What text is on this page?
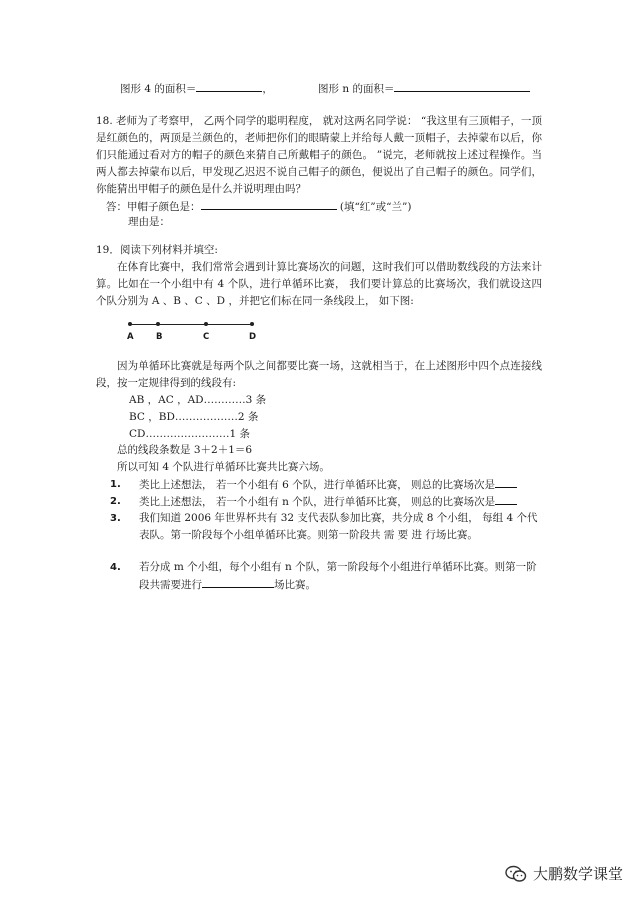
图形 4 的面积＝	，	图形 n 的面积＝
18. 老师为了考察甲， 乙两个同学的聪明程度， 就对这两名同学说： “我这里有三顶帽子，一顶是红颜色的，两顶是兰颜色的，老师把你们的眼睛蒙上并给每人戴一顶帽子，去掉蒙布以后，你们只能通过看对方的帽子的颜色来猜自己所戴帽子的颜色。 ”说完，老师就按上述过程操作。当两人都去掉蒙布以后，甲发现乙迟迟不说自己帽子的颜色，便说出了自己帽子的颜色。同学们，你能猜出甲帽子的颜色是什么并说明理由吗？
答：甲帽子颜色是：	(填“红”或“兰”)
理由是：
19．阅读下列材料并填空:
在体育比赛中，我们常常会遇到计算比赛场次的问题，这时我们可以借助数线段的方法来计算。比如在一个小组中有 4 个队，进行单循环比赛， 我们要计算总的比赛场次，我们就设这四个队分别为 A 、B 、C 、D ，并把它们标在同一条线段上， 如下图:
A	B	C	D
因为单循环比赛就是每两个队之间都要比赛一场，这就相当于，在上述图形中四个点连接线段，按一定规律得到的线段有:
AB ，AC ，AD…………3 条
BC ，BD………………2 条
CD……………………1 条
总的线段条数是 3＋2＋1＝6
所以可知 4 个队进行单循环比赛共比赛六场。
1. 类比上述想法， 若一个小组有 6 个队，进行单循环比赛， 则总的比赛场次是
2. 类比上述想法， 若一个小组有 n 个队，进行单循环比赛， 则总的比赛场次是
3. 我们知道 2006 年世界杯共有 32 支代表队参加比赛，共分成 8 个小组， 每组 4 个代表队。第一阶段每个小组单循环比赛。则第一阶段共 需 要 进 行场比赛。
4. 若分成 m 个小组，每个小组有 n 个队，第一阶段每个小组进行单循环比赛。则第一阶段共需要进行	场比赛。
大鹏数学课堂
